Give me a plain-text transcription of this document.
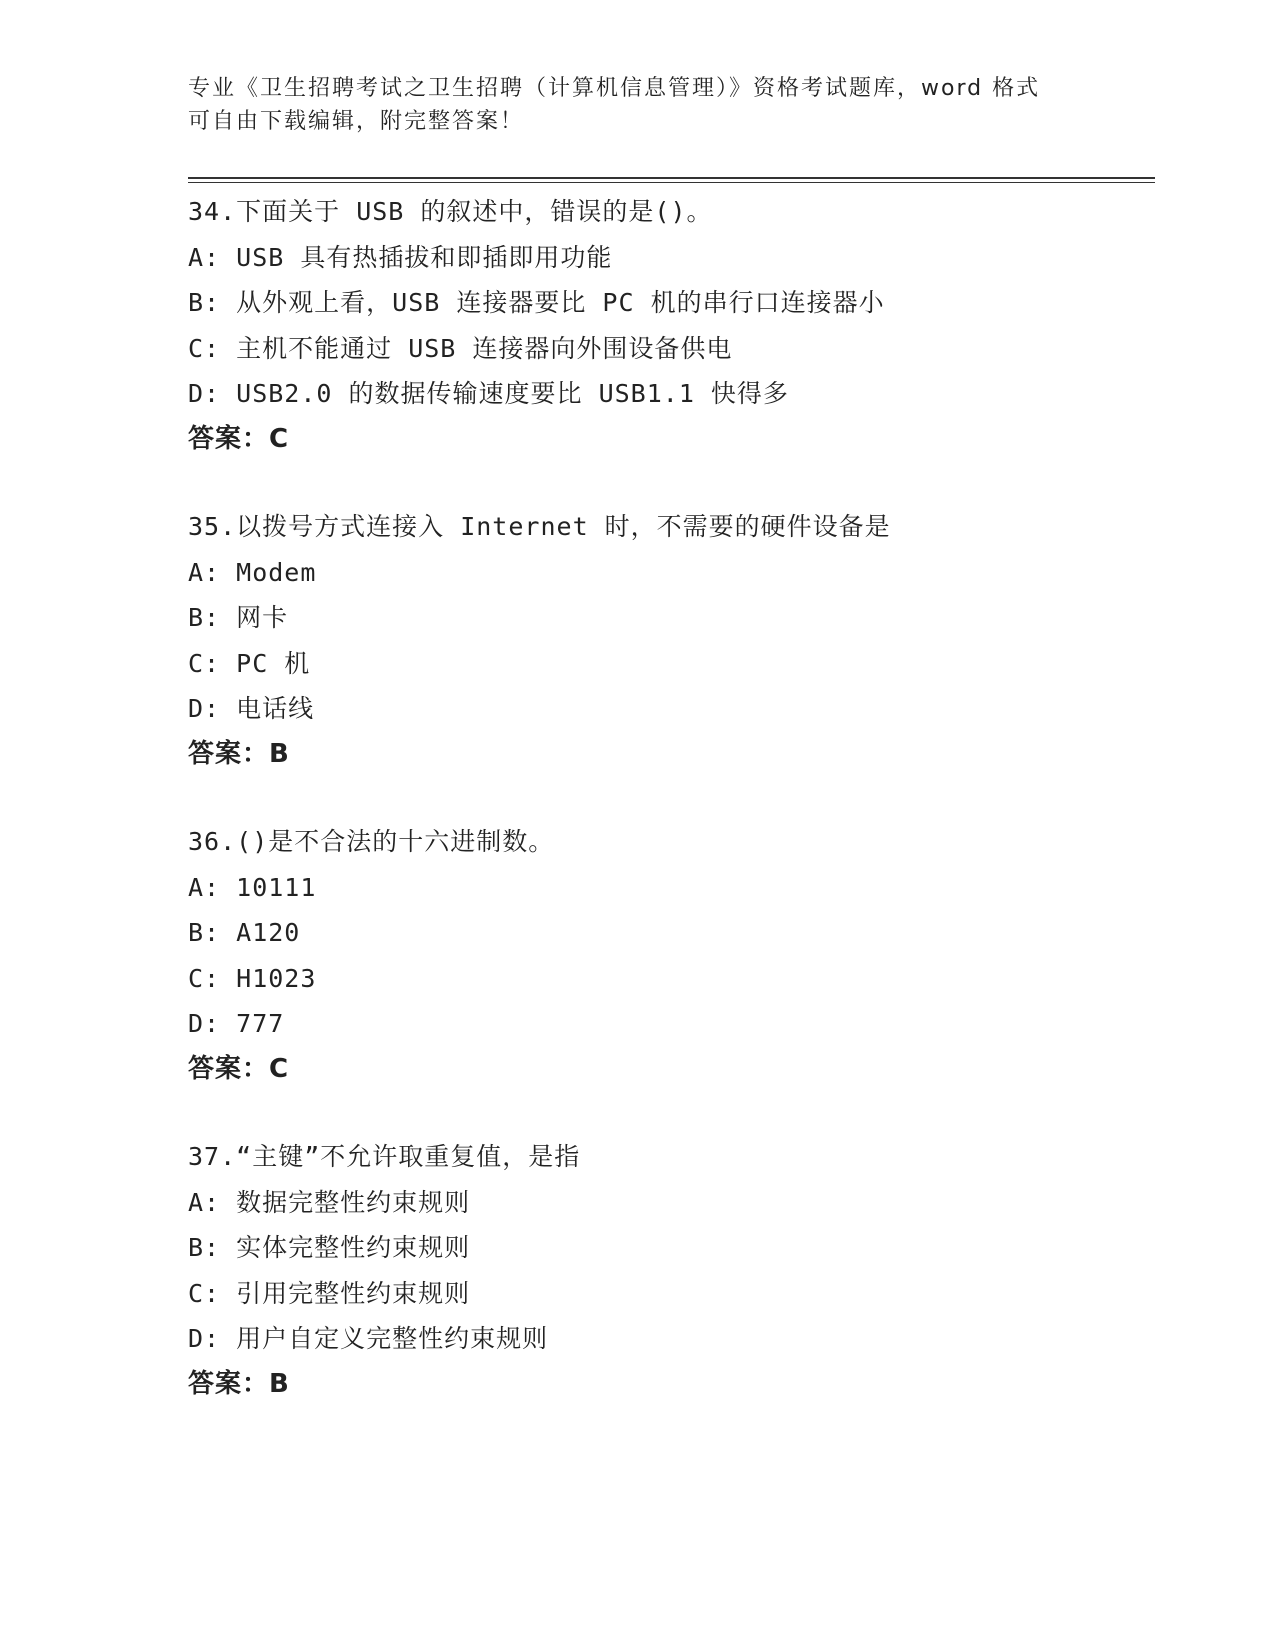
专业《卫生招聘考试之卫生招聘（计算机信息管理）》资格考试题库，word 格式
可自由下载编辑，附完整答案！
34.下面关于 USB 的叙述中，错误的是()。
A: USB 具有热插拔和即插即用功能
B: 从外观上看，USB 连接器要比 PC 机的串行口连接器小
C: 主机不能通过 USB 连接器向外围设备供电
D: USB2.0 的数据传输速度要比 USB1.1 快得多
答案：C
35.以拨号方式连接入 Internet 时，不需要的硬件设备是
A: Modem
B: 网卡
C: PC 机
D: 电话线
答案：B
36.()是不合法的十六进制数。
A: 10111
B: A120
C: H1023
D: 777
答案：C
37.“主键”不允许取重复值，是指
A: 数据完整性约束规则
B: 实体完整性约束规则
C: 引用完整性约束规则
D: 用户自定义完整性约束规则
答案：B
